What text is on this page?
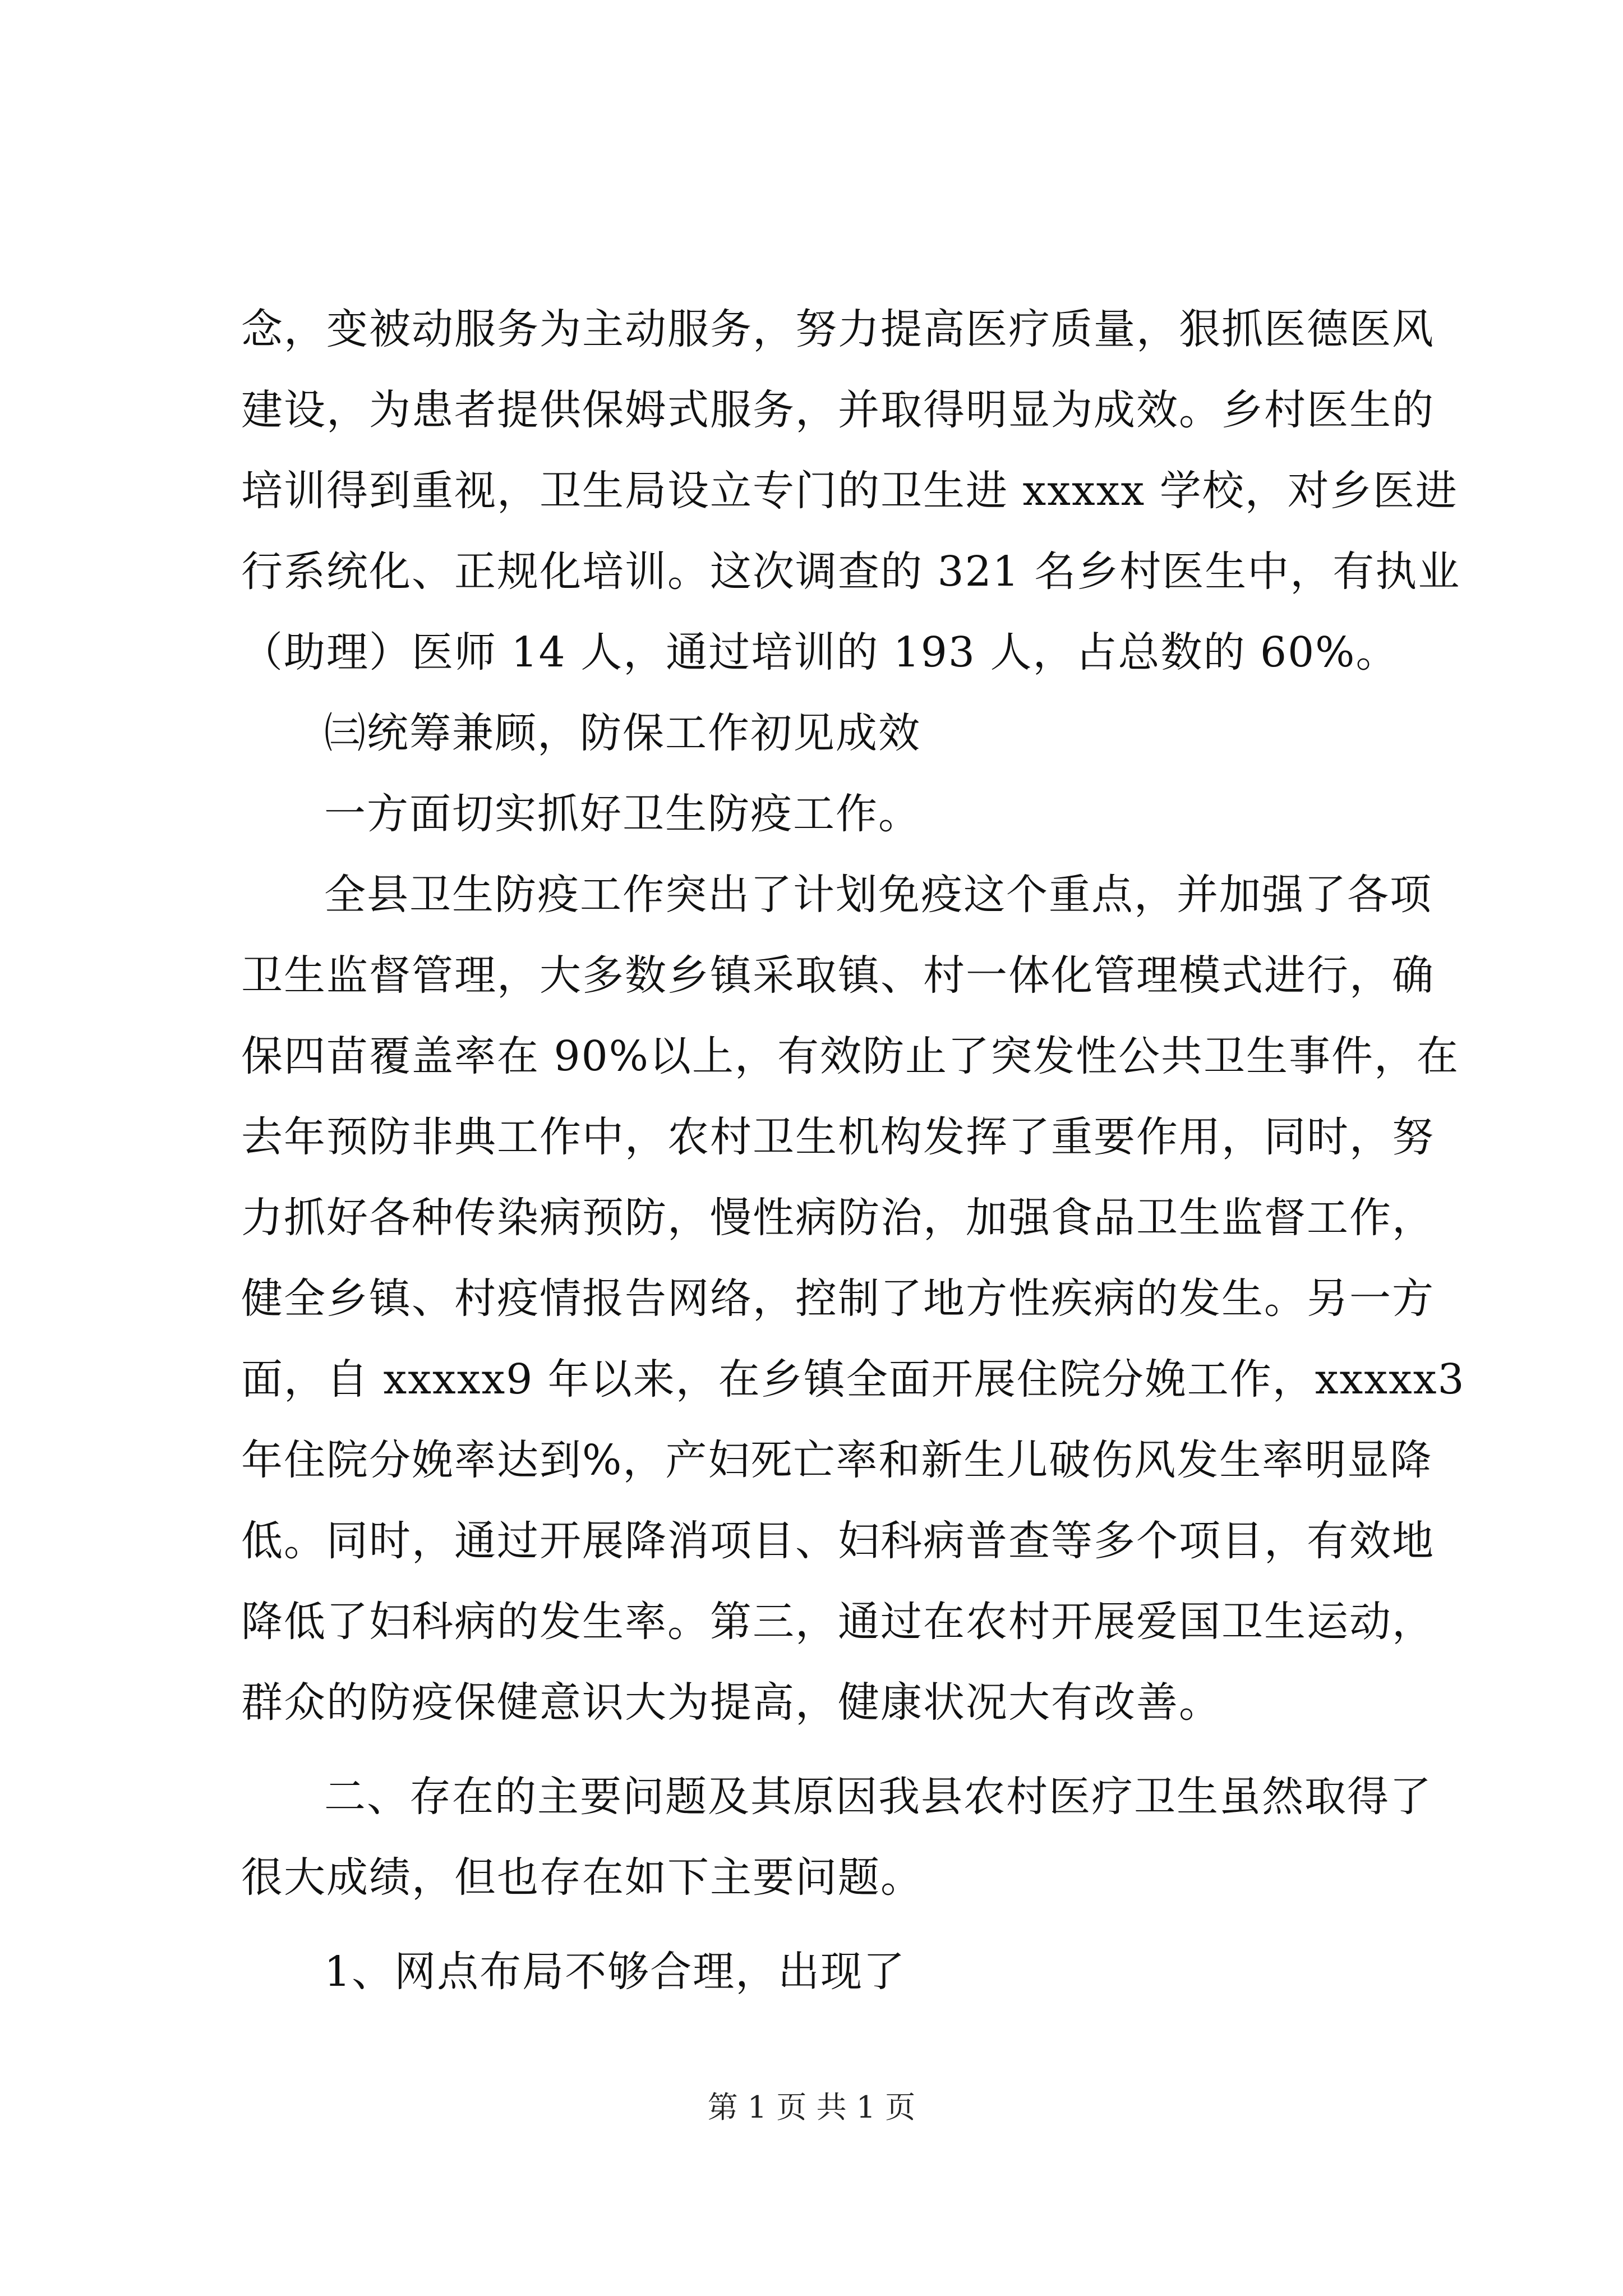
念，变被动服务为主动服务，努力提高医疗质量，狠抓医德医风
建设，为患者提供保姆式服务，并取得明显为成效。乡村医生的
培训得到重视，卫生局设立专门的卫生进 xxxxx 学校，对乡医进
行系统化、正规化培训。这次调查的 321 名乡村医生中，有执业
（助理）医师 14 人，通过培训的 193 人，占总数的 60%。
㈢统筹兼顾，防保工作初见成效
一方面切实抓好卫生防疫工作。
全县卫生防疫工作突出了计划免疫这个重点，并加强了各项
卫生监督管理，大多数乡镇采取镇、村一体化管理模式进行，确
保四苗覆盖率在 90%以上，有效防止了突发性公共卫生事件，在
去年预防非典工作中，农村卫生机构发挥了重要作用，同时，努
力抓好各种传染病预防，慢性病防治，加强食品卫生监督工作，
健全乡镇、村疫情报告网络，控制了地方性疾病的发生。另一方
面，自 xxxxx9 年以来，在乡镇全面开展住院分娩工作，xxxxx3
年住院分娩率达到%，产妇死亡率和新生儿破伤风发生率明显降
低。同时，通过开展降消项目、妇科病普查等多个项目，有效地
降低了妇科病的发生率。第三，通过在农村开展爱国卫生运动，
群众的防疫保健意识大为提高，健康状况大有改善。
二、存在的主要问题及其原因我县农村医疗卫生虽然取得了
很大成绩，但也存在如下主要问题。
1、网点布局不够合理，出现了
第 1 页 共 1 页
